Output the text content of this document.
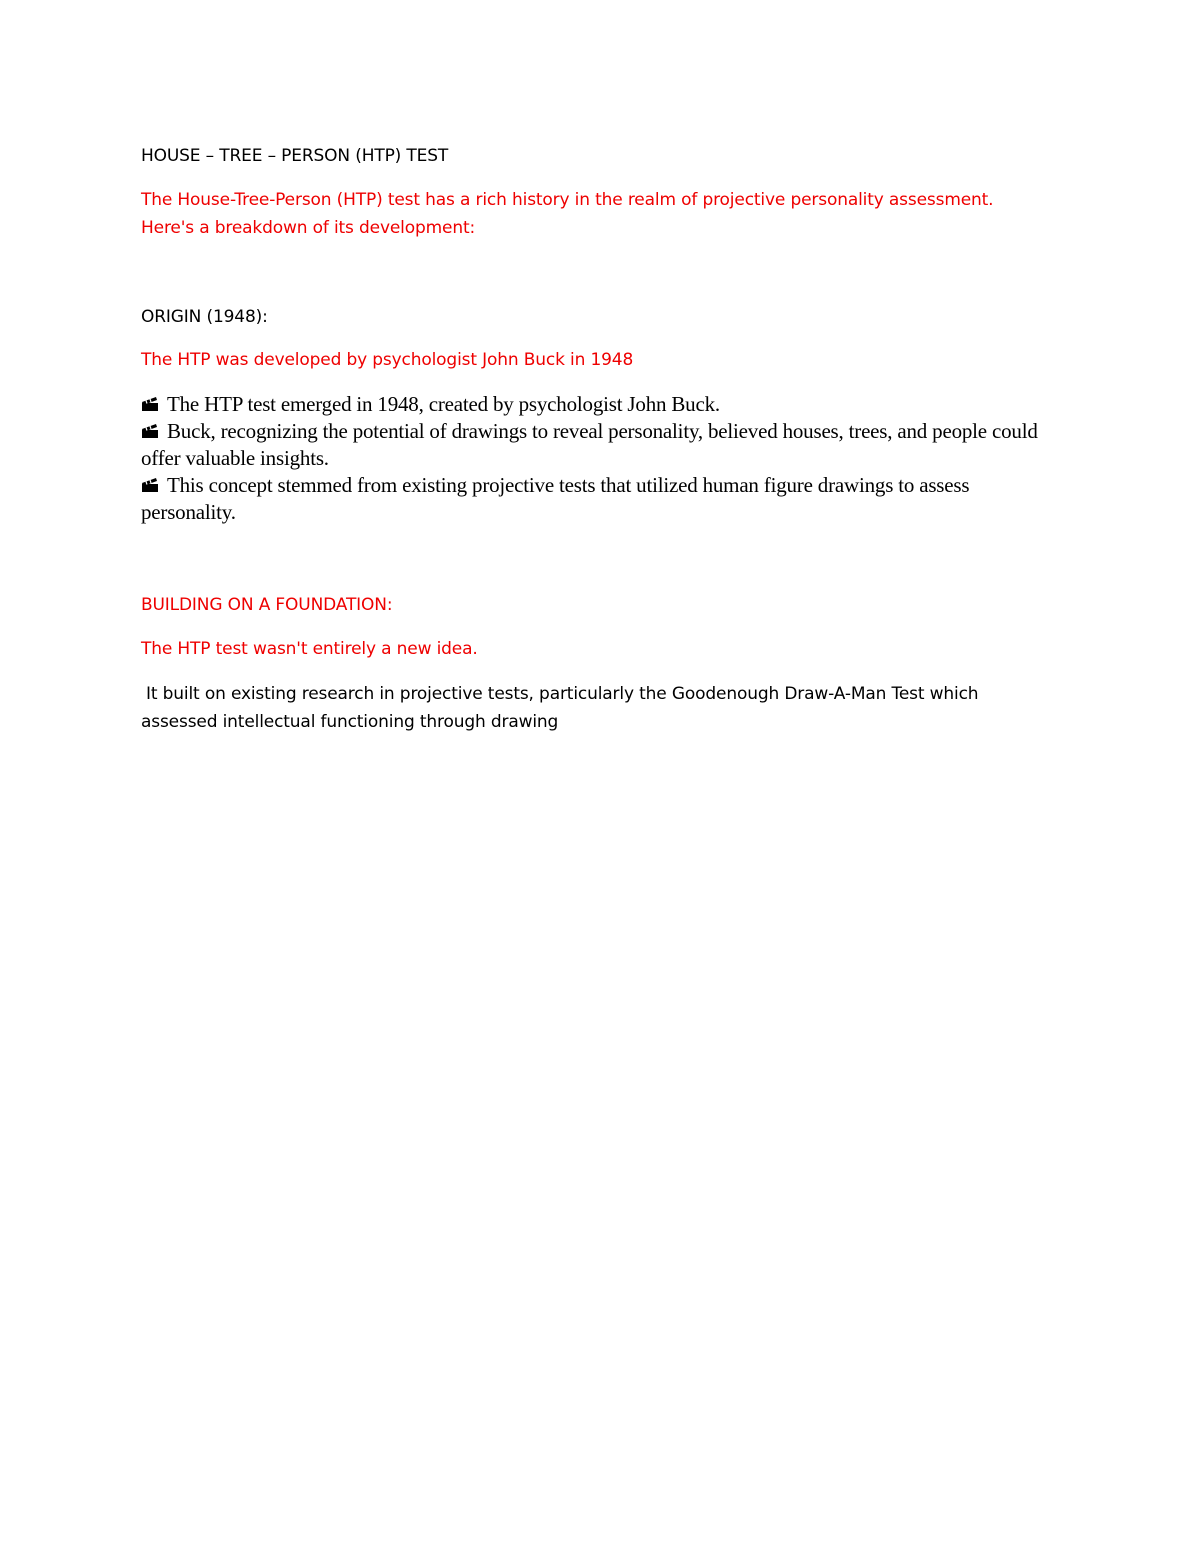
HOUSE – TREE – PERSON (HTP) TEST
The House-Tree-Person (HTP) test has a rich history in the realm of projective personality assessment.
Here's a breakdown of its development:
ORIGIN (1948):
The HTP was developed by psychologist John Buck in 1948
The HTP test emerged in 1948, created by psychologist John Buck.
Buck, recognizing the potential of drawings to reveal personality, believed houses, trees, and people could offer valuable insights.
This concept stemmed from existing projective tests that utilized human figure drawings to assess personality.
BUILDING ON A FOUNDATION:
The HTP test wasn't entirely a new idea.
It built on existing research in projective tests, particularly the Goodenough Draw-A-Man Test which
assessed intellectual functioning through drawing
